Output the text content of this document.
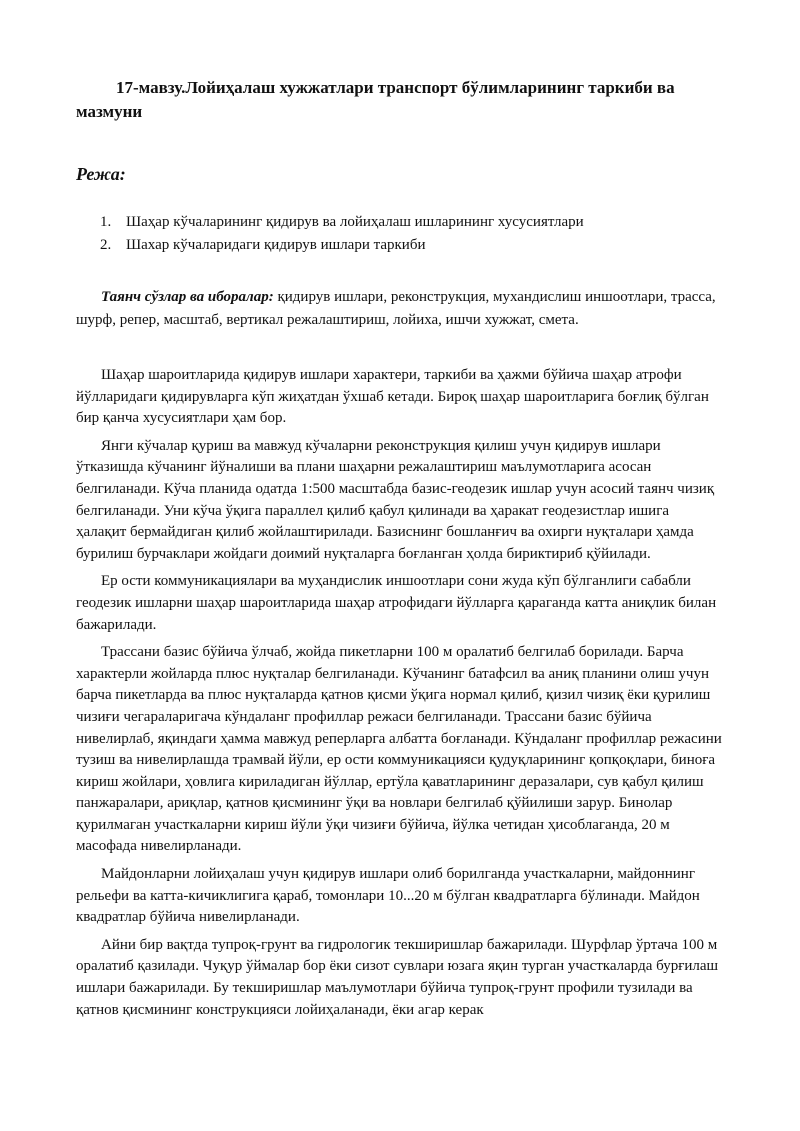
17-мавзу.Лойиҳалаш хужжатлари транспорт бўлимларининг таркиби ва мазмуни
Режа:
1. Шаҳар кўчаларининг қидирув ва лойиҳалаш ишларининг хусусиятлари
2. Шахар кўчаларидаги қидирув ишлари таркиби

Таянч сўзлар ва иборалар: қидирув ишлари, реконструкция, мухандислиш иншоотлари, трасса, шурф, репер, масштаб, вертикал режалаштириш, лойиха, ишчи хужжат, смета.

Шаҳар шароитларида қидирув ишлари характери, таркиби ва ҳажми бўйича шаҳар атрофи йўлларидаги қидирувларга кўп жиҳатдан ўхшаб кетади. Бироқ шаҳар шароитларига боғлиқ бўлган бир қанча хусусиятлари ҳам бор.

Янги кўчалар қуриш ва мавжуд кўчаларни реконструкция қилиш учун қидирув ишлари ўтказишда кўчанинг йўналиши ва плани шаҳарни режалаштириш маълумотларига асосан белгиланади. Кўча планида одатда 1:500 масштабда базис-геодезик ишлар учун асосий таянч чизиқ белгиланади. Уни кўча ўқига параллел қилиб қабул қилинади ва ҳаракат геодезистлар ишига ҳалақит бермайдиган қилиб жойлаштирилади. Базиснинг бошланғич ва охирги нуқталари ҳамда бурилиш бурчаклари жойдаги доимий нуқталарга боғланган ҳолда бириктириб қўйилади.

Ер ости коммуникациялари ва муҳандислик иншоотлари сони жуда кўп бўлганлиги сабабли геодезик ишларни шаҳар шароитларида шаҳар атрофидаги йўлларга қараганда катта аниқлик билан бажарилади.

Трассани базис бўйича ўлчаб, жойда пикетларни 100 м оралатиб белгилаб борилади. Барча характерли жойларда плюс нуқталар белгиланади. Кўчанинг батафсил ва аниқ планини олиш учун барча пикетларда ва плюс нуқталарда қатнов қисми ўқига нормал қилиб, қизил чизиқ ёки қурилиш чизиғи чегараларигача кўндаланг профиллар режаси белгиланади. Трассани базис бўйича нивелирлаб, яқиндаги ҳамма мавжуд реперларга албатта боғланади. Кўндаланг профиллар режасини тузиш ва нивелирлашда трамвай йўли, ер ости коммуникацияси қудуқларининг қопқоқлари, биноға кириш жойлари, ҳовлига кириладиган йўллар, ертўла қаватларининг деразалари, сув қабул қилиш панжаралари, ариқлар, қатнов қисмининг ўқи ва новлари белгилаб қўйилиши зарур. Бинолар қурилмаган участкаларни кириш йўли ўқи чизиғи бўйича, йўлка четидан ҳисоблаганда, 20 м масофада нивелирланади.

Майдонларни лойиҳалаш учун қидирув ишлари олиб борилганда участкаларни, майдоннинг рельефи ва катта-кичиклигига қараб, томонлари 10...20 м бўлган квадратларга бўлинади. Майдон квадратлар бўйича нивелирланади.

Айни бир вақтда тупроқ-грунт ва гидрологик текширишлар бажарилади. Шурфлар ўртача 100 м оралатиб қазилади. Чуқур ўймалар бор ёки сизот сувлари юзага яқин турган участкаларда бурғилаш ишлари бажарилади. Бу текширишлар маълумотлари бўйича тупроқ-грунт профили тузилади ва қатнов қисмининг конструкцияси лойиҳаланади, ёки агар керак
